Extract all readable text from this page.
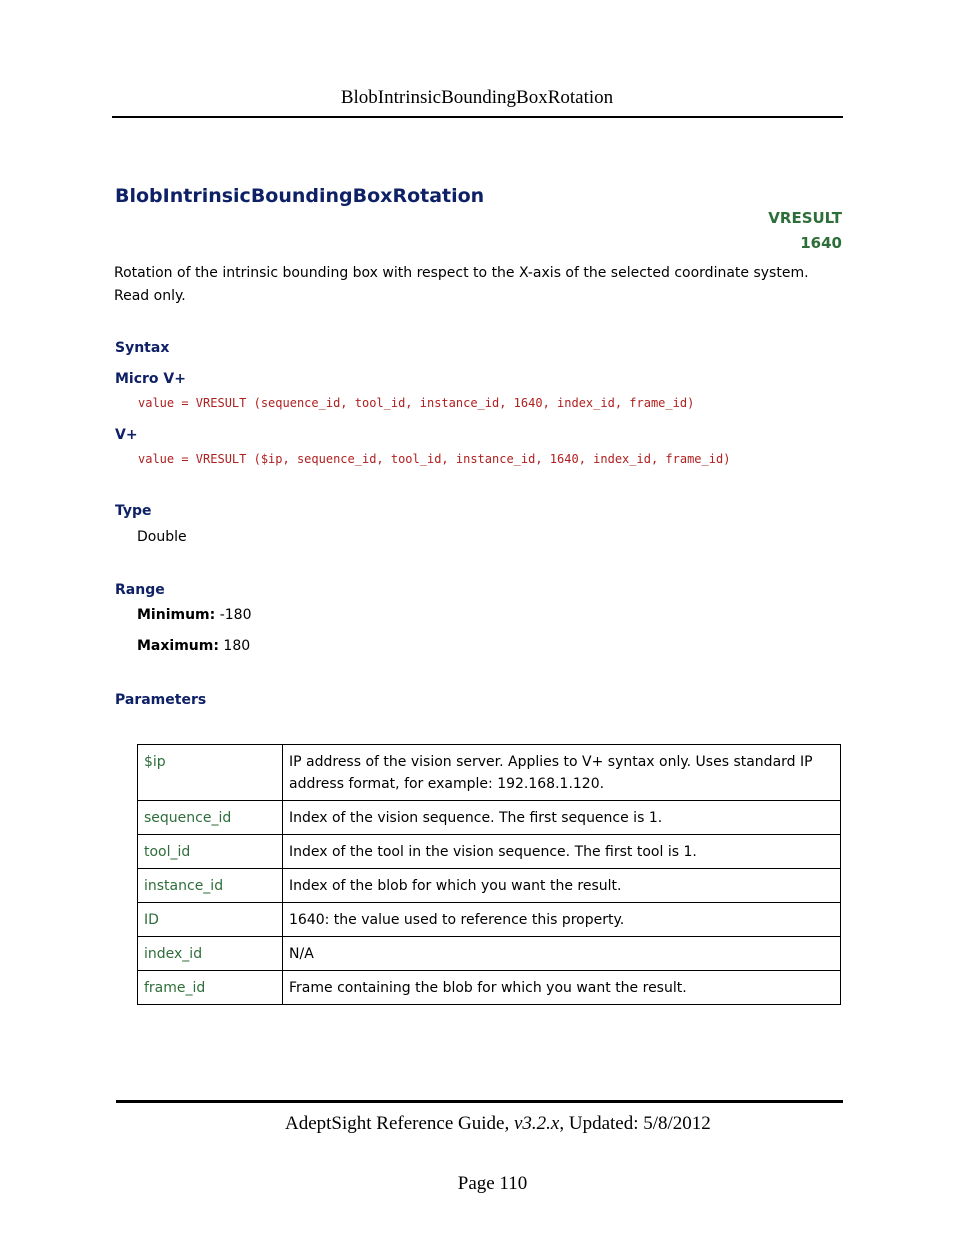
BlobIntrinsicBoundingBoxRotation
BlobIntrinsicBoundingBoxRotation
VRESULT
1640
Rotation of the intrinsic bounding box with respect to the X-axis of the selected coordinate system. Read only.
Syntax
Micro V+
value = VRESULT (sequence_id, tool_id, instance_id, 1640, index_id, frame_id)
V+
value = VRESULT ($ip, sequence_id, tool_id, instance_id, 1640, index_id, frame_id)
Type
Double
Range
Minimum: -180
Maximum: 180
Parameters
$ip	IP address of the vision server. Applies to V+ syntax only. Uses standard IP address format, for example: 192.168.1.120.
sequence_id	Index of the vision sequence. The first sequence is 1.
tool_id	Index of the tool in the vision sequence. The first tool is 1.
instance_id	Index of the blob for which you want the result.
ID	1640: the value used to reference this property.
index_id	N/A
frame_id	Frame containing the blob for which you want the result.
AdeptSight Reference Guide, v3.2.x, Updated: 5/8/2012
Page 110
